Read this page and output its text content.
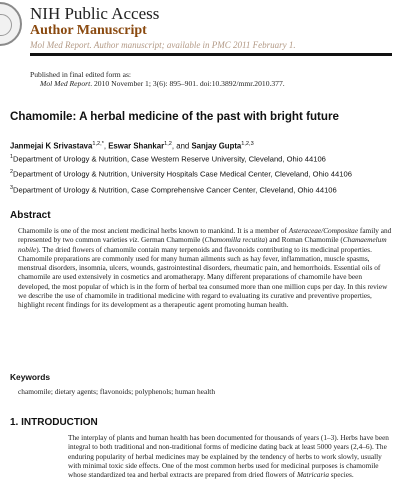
NIH Public Access
Author Manuscript
Mol Med Report. Author manuscript; available in PMC 2011 February 1.
Published in final edited form as:
Mol Med Report. 2010 November 1; 3(6): 895–901. doi:10.3892/mmr.2010.377.
Chamomile: A herbal medicine of the past with bright future
Janmejai K Srivastava$^{1,2,*}$, Eswar Shankar$^{1,2}$, and Sanjay Gupta$^{1,2,3}$
$^1$Department of Urology & Nutrition, Case Western Reserve University, Cleveland, Ohio 44106
$^2$Department of Urology & Nutrition, University Hospitals Case Medical Center, Cleveland, Ohio 44106
$^3$Department of Urology & Nutrition, Case Comprehensive Cancer Center, Cleveland, Ohio 44106
Abstract

Chamomile is one of the most ancient medicinal herbs known to mankind. It is a member of Asteraceae/Compositae family and represented by two common varieties viz. German Chamomile (Chamomilla recutita) and Roman Chamomile (Chamaemelum nobile). The dried flowers of chamomile contain many terpenoids and flavonoids contributing to its medicinal properties. Chamomile preparations are commonly used for many human ailments such as hay fever, inflammation, muscle spasms, menstrual disorders, insomnia, ulcers, wounds, gastrointestinal disorders, rheumatic pain, and hemorrhoids. Essential oils of chamomile are used extensively in cosmetics and aromatherapy. Many different preparations of chamomile have been developed, the most popular of which is in the form of herbal tea consumed more than one million cups per day. In this review we describe the use of chamomile in traditional medicine with regard to evaluating its curative and preventive properties, highlight recent findings for its development as a therapeutic agent promoting human health.

Keywords
chamomile; dietary agents; flavonoids; polyphenols; human health
1. INTRODUCTION

The interplay of plants and human health has been documented for thousands of years (1–3). Herbs have been integral to both traditional and non-traditional forms of medicine dating back at least 5000 years (2,4–6). The enduring popularity of herbal medicines may be explained by the tendency of herbs to work slowly, usually with minimal toxic side effects. One of the most common herbs used for medicinal purposes is chamomile whose standardized tea and herbal extracts are prepared from dried flowers of Matricaria species.
